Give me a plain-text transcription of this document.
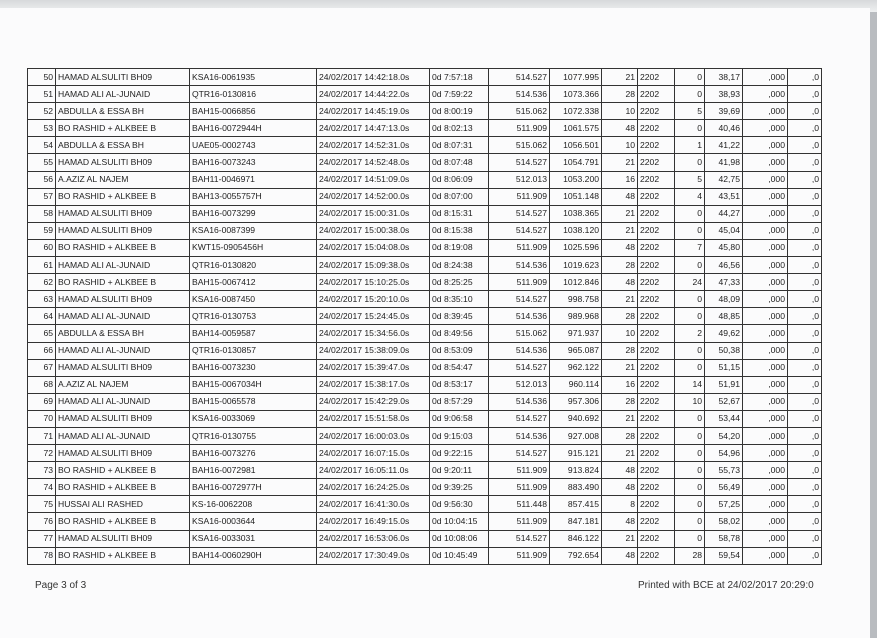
50	HAMAD ALSULITI BH09	KSA16-0061935	24/02/2017 14:42:18.0s	0d 7:57:18	514.527	1077.995	21	2202	0	38,17	,000	,0
51	HAMAD ALI AL-JUNAID	QTR16-0130816	24/02/2017 14:44:22.0s	0d 7:59:22	514.536	1073.366	28	2202	0	38,93	,000	,0
52	ABDULLA & ESSA BH	BAH15-0066856	24/02/2017 14:45:19.0s	0d 8:00:19	515.062	1072.338	10	2202	5	39,69	,000	,0
53	BO RASHID + ALKBEE B	BAH16-0072944H	24/02/2017 14:47:13.0s	0d 8:02:13	511.909	1061.575	48	2202	0	40,46	,000	,0
54	ABDULLA & ESSA BH	UAE05-0002743	24/02/2017 14:52:31.0s	0d 8:07:31	515.062	1056.501	10	2202	1	41,22	,000	,0
55	HAMAD ALSULITI BH09	BAH16-0073243	24/02/2017 14:52:48.0s	0d 8:07:48	514.527	1054.791	21	2202	0	41,98	,000	,0
56	A.AZIZ AL NAJEM	BAH11-0046971	24/02/2017 14:51:09.0s	0d 8:06:09	512.013	1053.200	16	2202	5	42,75	,000	,0
57	BO RASHID + ALKBEE B	BAH13-0055757H	24/02/2017 14:52:00.0s	0d 8:07:00	511.909	1051.148	48	2202	4	43,51	,000	,0
58	HAMAD ALSULITI BH09	BAH16-0073299	24/02/2017 15:00:31.0s	0d 8:15:31	514.527	1038.365	21	2202	0	44,27	,000	,0
59	HAMAD ALSULITI BH09	KSA16-0087399	24/02/2017 15:00:38.0s	0d 8:15:38	514.527	1038.120	21	2202	0	45,04	,000	,0
60	BO RASHID + ALKBEE B	KWT15-0905456H	24/02/2017 15:04:08.0s	0d 8:19:08	511.909	1025.596	48	2202	7	45,80	,000	,0
61	HAMAD ALI AL-JUNAID	QTR16-0130820	24/02/2017 15:09:38.0s	0d 8:24:38	514.536	1019.623	28	2202	0	46,56	,000	,0
62	BO RASHID + ALKBEE B	BAH15-0067412	24/02/2017 15:10:25.0s	0d 8:25:25	511.909	1012.846	48	2202	24	47,33	,000	,0
63	HAMAD ALSULITI BH09	KSA16-0087450	24/02/2017 15:20:10.0s	0d 8:35:10	514.527	998.758	21	2202	0	48,09	,000	,0
64	HAMAD ALI AL-JUNAID	QTR16-0130753	24/02/2017 15:24:45.0s	0d 8:39:45	514.536	989.968	28	2202	0	48,85	,000	,0
65	ABDULLA & ESSA BH	BAH14-0059587	24/02/2017 15:34:56.0s	0d 8:49:56	515.062	971.937	10	2202	2	49,62	,000	,0
66	HAMAD ALI AL-JUNAID	QTR16-0130857	24/02/2017 15:38:09.0s	0d 8:53:09	514.536	965.087	28	2202	0	50,38	,000	,0
67	HAMAD ALSULITI BH09	BAH16-0073230	24/02/2017 15:39:47.0s	0d 8:54:47	514.527	962.122	21	2202	0	51,15	,000	,0
68	A.AZIZ AL NAJEM	BAH15-0067034H	24/02/2017 15:38:17.0s	0d 8:53:17	512.013	960.114	16	2202	14	51,91	,000	,0
69	HAMAD ALI AL-JUNAID	BAH15-0065578	24/02/2017 15:42:29.0s	0d 8:57:29	514.536	957.306	28	2202	10	52,67	,000	,0
70	HAMAD ALSULITI BH09	KSA16-0033069	24/02/2017 15:51:58.0s	0d 9:06:58	514.527	940.692	21	2202	0	53,44	,000	,0
71	HAMAD ALI AL-JUNAID	QTR16-0130755	24/02/2017 16:00:03.0s	0d 9:15:03	514.536	927.008	28	2202	0	54,20	,000	,0
72	HAMAD ALSULITI BH09	BAH16-0073276	24/02/2017 16:07:15.0s	0d 9:22:15	514.527	915.121	21	2202	0	54,96	,000	,0
73	BO RASHID + ALKBEE B	BAH16-0072981	24/02/2017 16:05:11.0s	0d 9:20:11	511.909	913.824	48	2202	0	55,73	,000	,0
74	BO RASHID + ALKBEE B	BAH16-0072977H	24/02/2017 16:24:25.0s	0d 9:39:25	511.909	883.490	48	2202	0	56,49	,000	,0
75	HUSSAI ALI RASHED	KS-16-0062208	24/02/2017 16:41:30.0s	0d 9:56:30	511.448	857.415	8	2202	0	57,25	,000	,0
76	BO RASHID + ALKBEE B	KSA16-0003644	24/02/2017 16:49:15.0s	0d 10:04:15	511.909	847.181	48	2202	0	58,02	,000	,0
77	HAMAD ALSULITI BH09	KSA16-0033031	24/02/2017 16:53:06.0s	0d 10:08:06	514.527	846.122	21	2202	0	58,78	,000	,0
78	BO RASHID + ALKBEE B	BAH14-0060290H	24/02/2017 17:30:49.0s	0d 10:45:49	511.909	792.654	48	2202	28	59,54	,000	,0
Page 3 of 3	Printed with BCE at 24/02/2017 20:29:0
